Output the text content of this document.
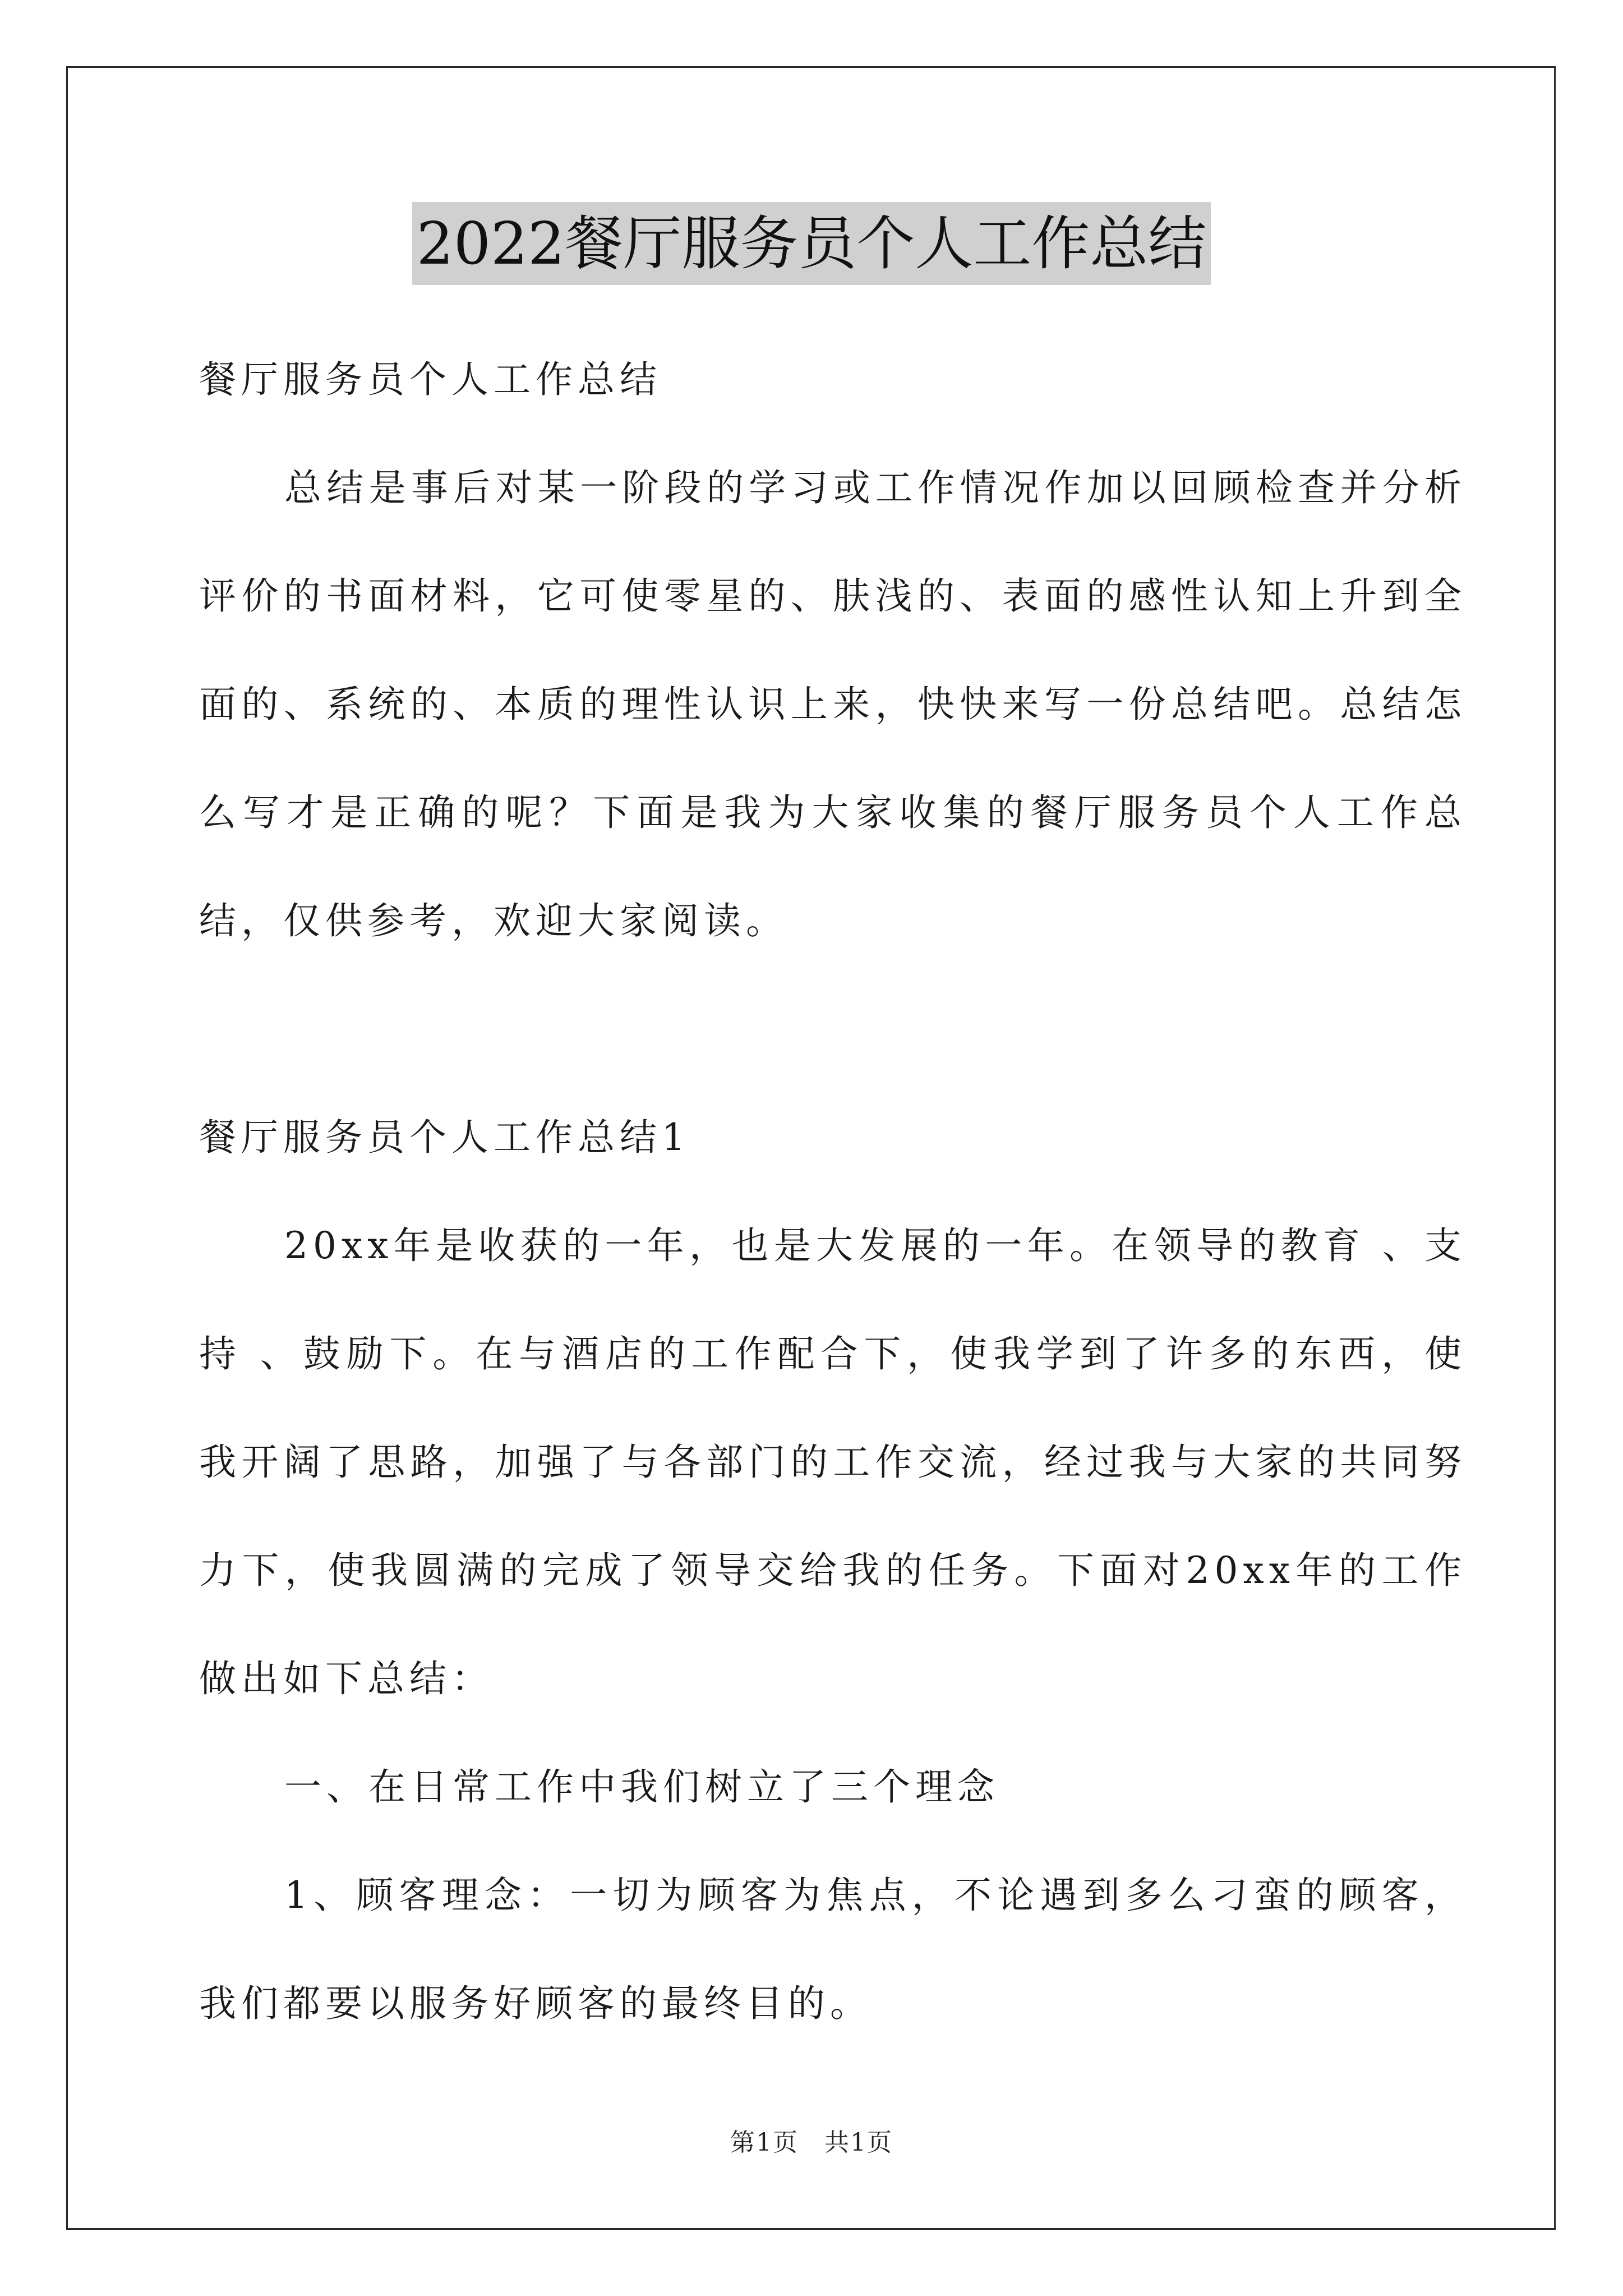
2022餐厅服务员个人工作总结

餐厅服务员个人工作总结

总结是事后对某一阶段的学习或工作情况作加以回顾检查并分析评价的书面材料，它可使零星的、肤浅的、表面的感性认知上升到全面的、系统的、本质的理性认识上来，快快来写一份总结吧。总结怎么写才是正确的呢？下面是我为大家收集的餐厅服务员个人工作总结，仅供参考，欢迎大家阅读。

餐厅服务员个人工作总结1

20xx年是收获的一年，也是大发展的一年。在领导的教育 、支持 、鼓励下。在与酒店的工作配合下，使我学到了许多的东西，使我开阔了思路，加强了与各部门的工作交流，经过我与大家的共同努力下，使我圆满的完成了领导交给我的任务。下面对20xx年的工作做出如下总结：

一、在日常工作中我们树立了三个理念

1、顾客理念：一切为顾客为焦点，不论遇到多么刁蛮的顾客，我们都要以服务好顾客的最终目的。

第1页　共1页
